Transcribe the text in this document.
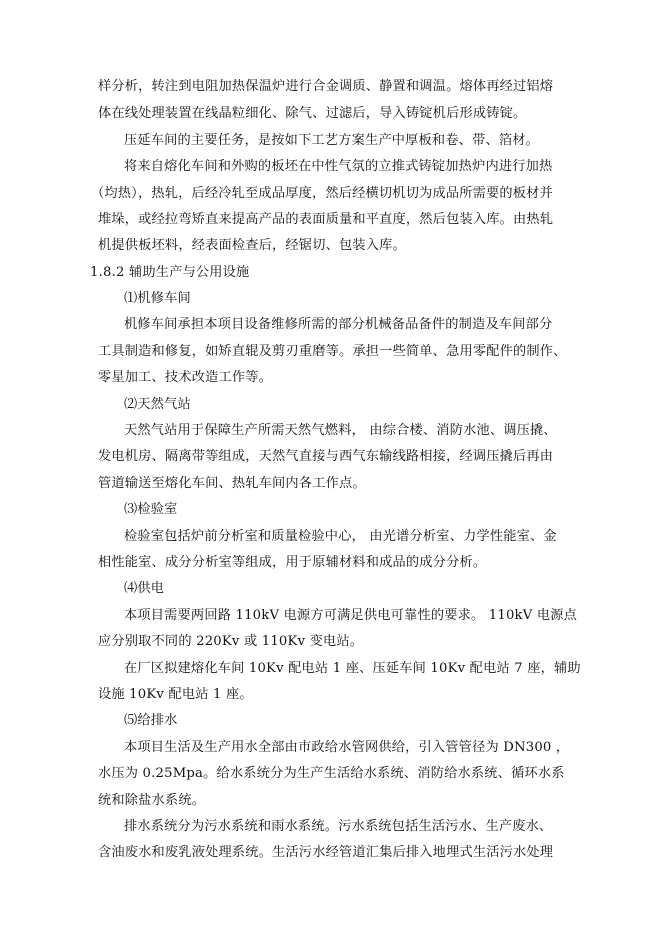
样分析，转注到电阻加热保温炉进行合金调质、静置和调温。熔体再经过铝熔
体在线处理装置在线晶粒细化、除气、过滤后，导入铸锭机后形成铸锭。
压延车间的主要任务，是按如下工艺方案生产中厚板和卷、带、箔材。
将来自熔化车间和外购的板坯在中性气氛的立推式铸锭加热炉内进行加热
（均热），热轧，后经冷轧至成品厚度，然后经横切机切为成品所需要的板材并
堆垛，或经拉弯矫直来提高产品的表面质量和平直度，然后包装入库。由热轧
机提供板坯料，经表面检查后，经锯切、包装入库。
1.8.2 辅助生产与公用设施
⑴机修车间
机修车间承担本项目设备维修所需的部分机械备品备件的制造及车间部分
工具制造和修复，如矫直辊及剪刃重磨等。承担一些简单、急用零配件的制作、
零星加工、技术改造工作等。
⑵天然气站
天然气站用于保障生产所需天然气燃料， 由综合楼、消防水池、调压撬、
发电机房、隔离带等组成，天然气直接与西气东输线路相接，经调压撬后再由
管道输送至熔化车间、热轧车间内各工作点。
⑶检验室
检验室包括炉前分析室和质量检验中心， 由光谱分析室、力学性能室、金
相性能室、成分分析室等组成，用于原辅材料和成品的成分分析。
⑷供电
本项目需要两回路 110kV 电源方可满足供电可靠性的要求。 110kV 电源点
应分别取不同的 220Kv 或 110Kv 变电站。
在厂区拟建熔化车间 10Kv 配电站 1 座、压延车间 10Kv 配电站 7 座，辅助
设施 10Kv 配电站 1 座。
⑸给排水
本项目生活及生产用水全部由市政给水管网供给，引入管管径为 DN300 ，
水压为 0.25Mpa。给水系统分为生产生活给水系统、消防给水系统、循环水系
统和除盐水系统。
排水系统分为污水系统和雨水系统。污水系统包括生活污水、生产废水、
含油废水和废乳液处理系统。生活污水经管道汇集后排入地埋式生活污水处理
